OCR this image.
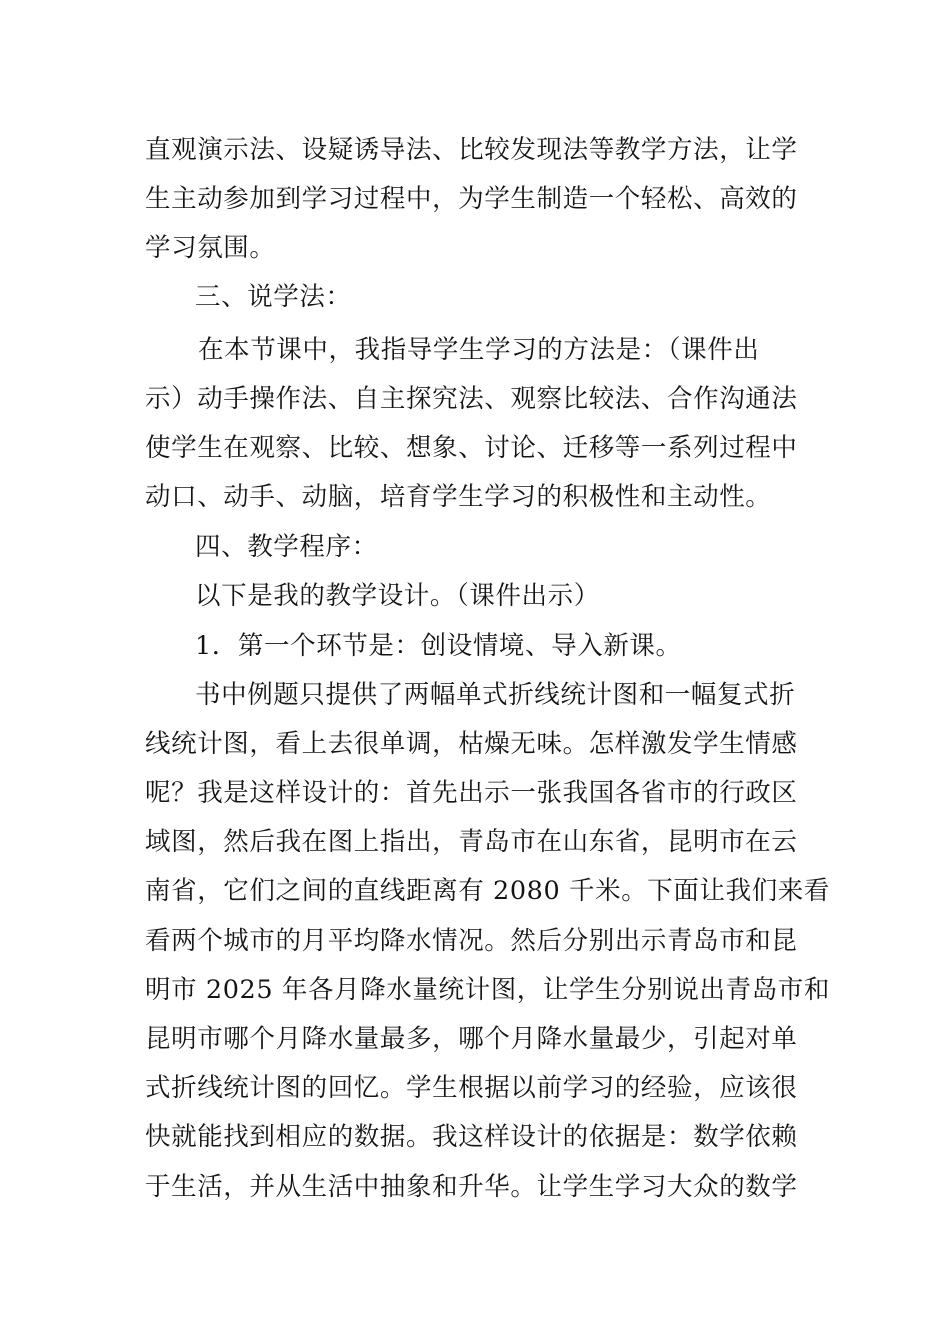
直观演示法、设疑诱导法、比较发现法等教学方法，让学
生主动参加到学习过程中，为学生制造一个轻松、高效的
学习氛围。
三、说学法：
在本节课中，我指导学生学习的方法是：（课件出
示）动手操作法、自主探究法、观察比较法、合作沟通法
使学生在观察、比较、想象、讨论、迁移等一系列过程中
动口、动手、动脑，培育学生学习的积极性和主动性。
四、教学程序：
以下是我的教学设计。（课件出示）
1．第一个环节是：创设情境、导入新课。
书中例题只提供了两幅单式折线统计图和一幅复式折
线统计图，看上去很单调，枯燥无味。怎样激发学生情感
呢？我是这样设计的：首先出示一张我国各省市的行政区
域图，然后我在图上指出，青岛市在山东省，昆明市在云
南省，它们之间的直线距离有 2080 千米。下面让我们来看
看两个城市的月平均降水情况。然后分别出示青岛市和昆
明市 2025 年各月降水量统计图，让学生分别说出青岛市和
昆明市哪个月降水量最多，哪个月降水量最少，引起对单
式折线统计图的回忆。学生根据以前学习的经验，应该很
快就能找到相应的数据。我这样设计的依据是：数学依赖
于生活，并从生活中抽象和升华。让学生学习大众的数学
